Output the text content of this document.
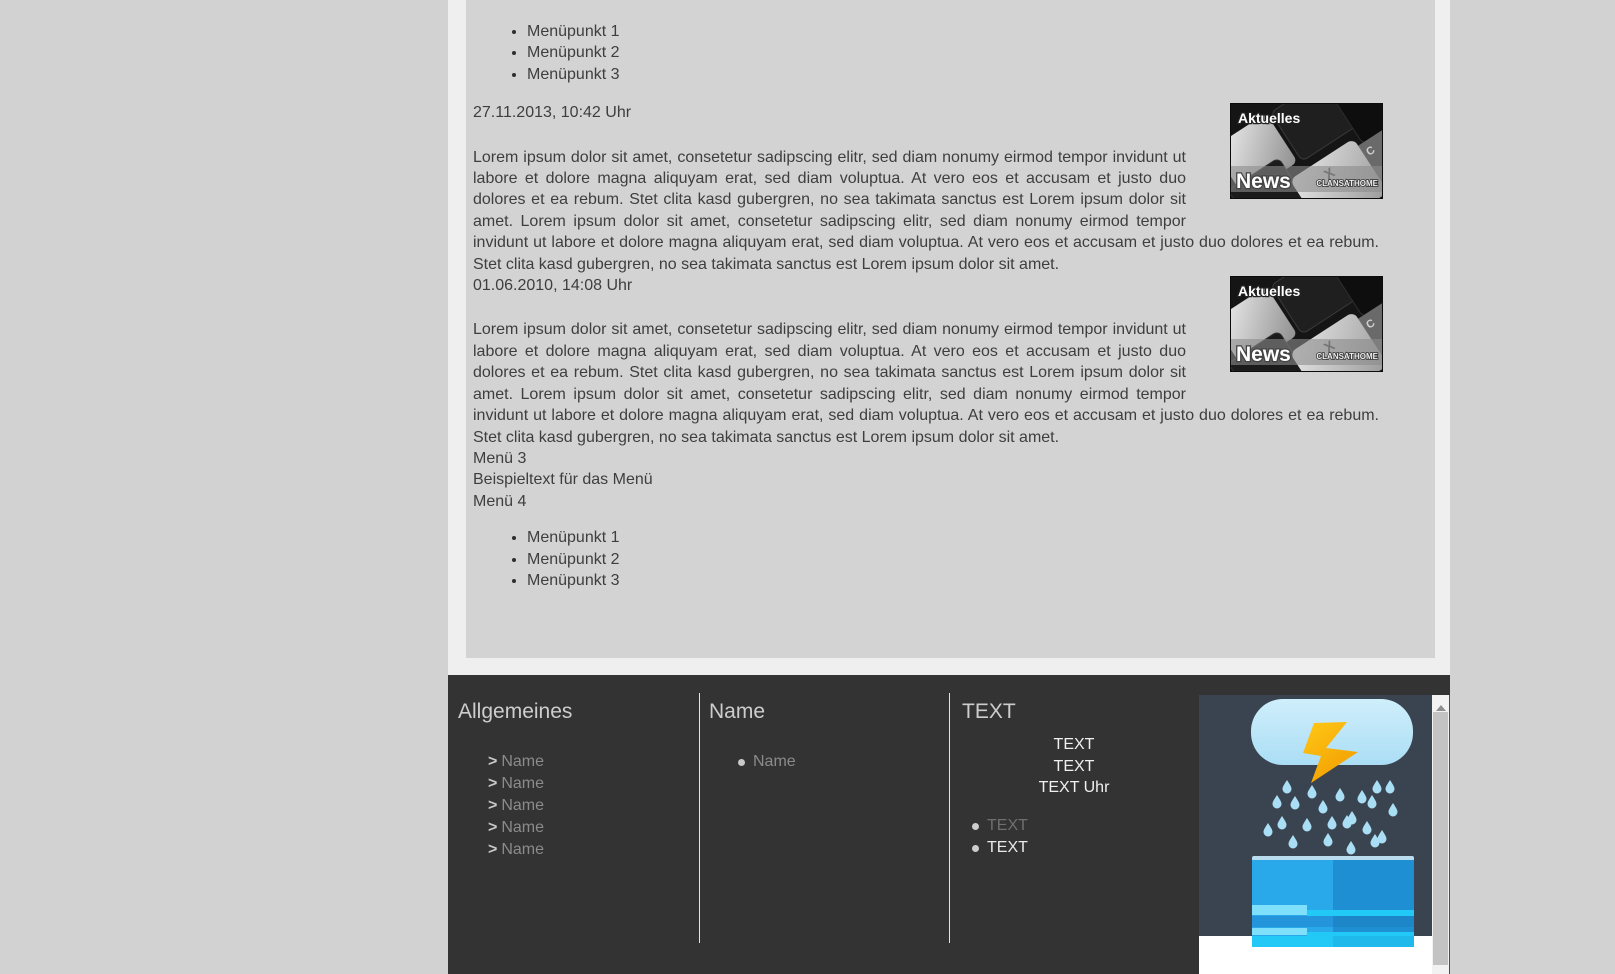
• Menüpunkt 1
• Menüpunkt 2
• Menüpunkt 3
C
Aktuelles
News	CLANSATHOME
27.11.2013, 10:42 Uhr

Lorem ipsum dolor sit amet, consetetur sadipscing elitr, sed diam nonumy eirmod tempor invidunt ut labore et dolore magna aliquyam erat, sed diam voluptua. At vero eos et accusam et justo duo dolores et ea rebum. Stet clita kasd gubergren, no sea takimata sanctus est Lorem ipsum dolor sit amet. Lorem ipsum dolor sit amet, consetetur sadipscing elitr, sed diam nonumy eirmod tempor invidunt ut labore et dolore magna aliquyam erat, sed diam voluptua. At vero eos et accusam et justo duo dolores et ea rebum. Stet clita kasd gubergren, no sea takimata sanctus est Lorem ipsum dolor sit amet.

C
Aktuelles
News	CLANSATHOME
01.06.2010, 14:08 Uhr

Lorem ipsum dolor sit amet, consetetur sadipscing elitr, sed diam nonumy eirmod tempor invidunt ut labore et dolore magna aliquyam erat, sed diam voluptua. At vero eos et accusam et justo duo dolores et ea rebum. Stet clita kasd gubergren, no sea takimata sanctus est Lorem ipsum dolor sit amet. Lorem ipsum dolor sit amet, consetetur sadipscing elitr, sed diam nonumy eirmod tempor invidunt ut labore et dolore magna aliquyam erat, sed diam voluptua. At vero eos et accusam et justo duo dolores et ea rebum. Stet clita kasd gubergren, no sea takimata sanctus est Lorem ipsum dolor sit amet.

Menü 3
Beispieltext für das Menü
Menü 4
• Menüpunkt 1
• Menüpunkt 2
• Menüpunkt 3
Allgemeines
> Name
> Name
> Name
> Name
> Name
Name
Name
TEXT
TEXT
TEXT
TEXT Uhr
TEXT
TEXT
